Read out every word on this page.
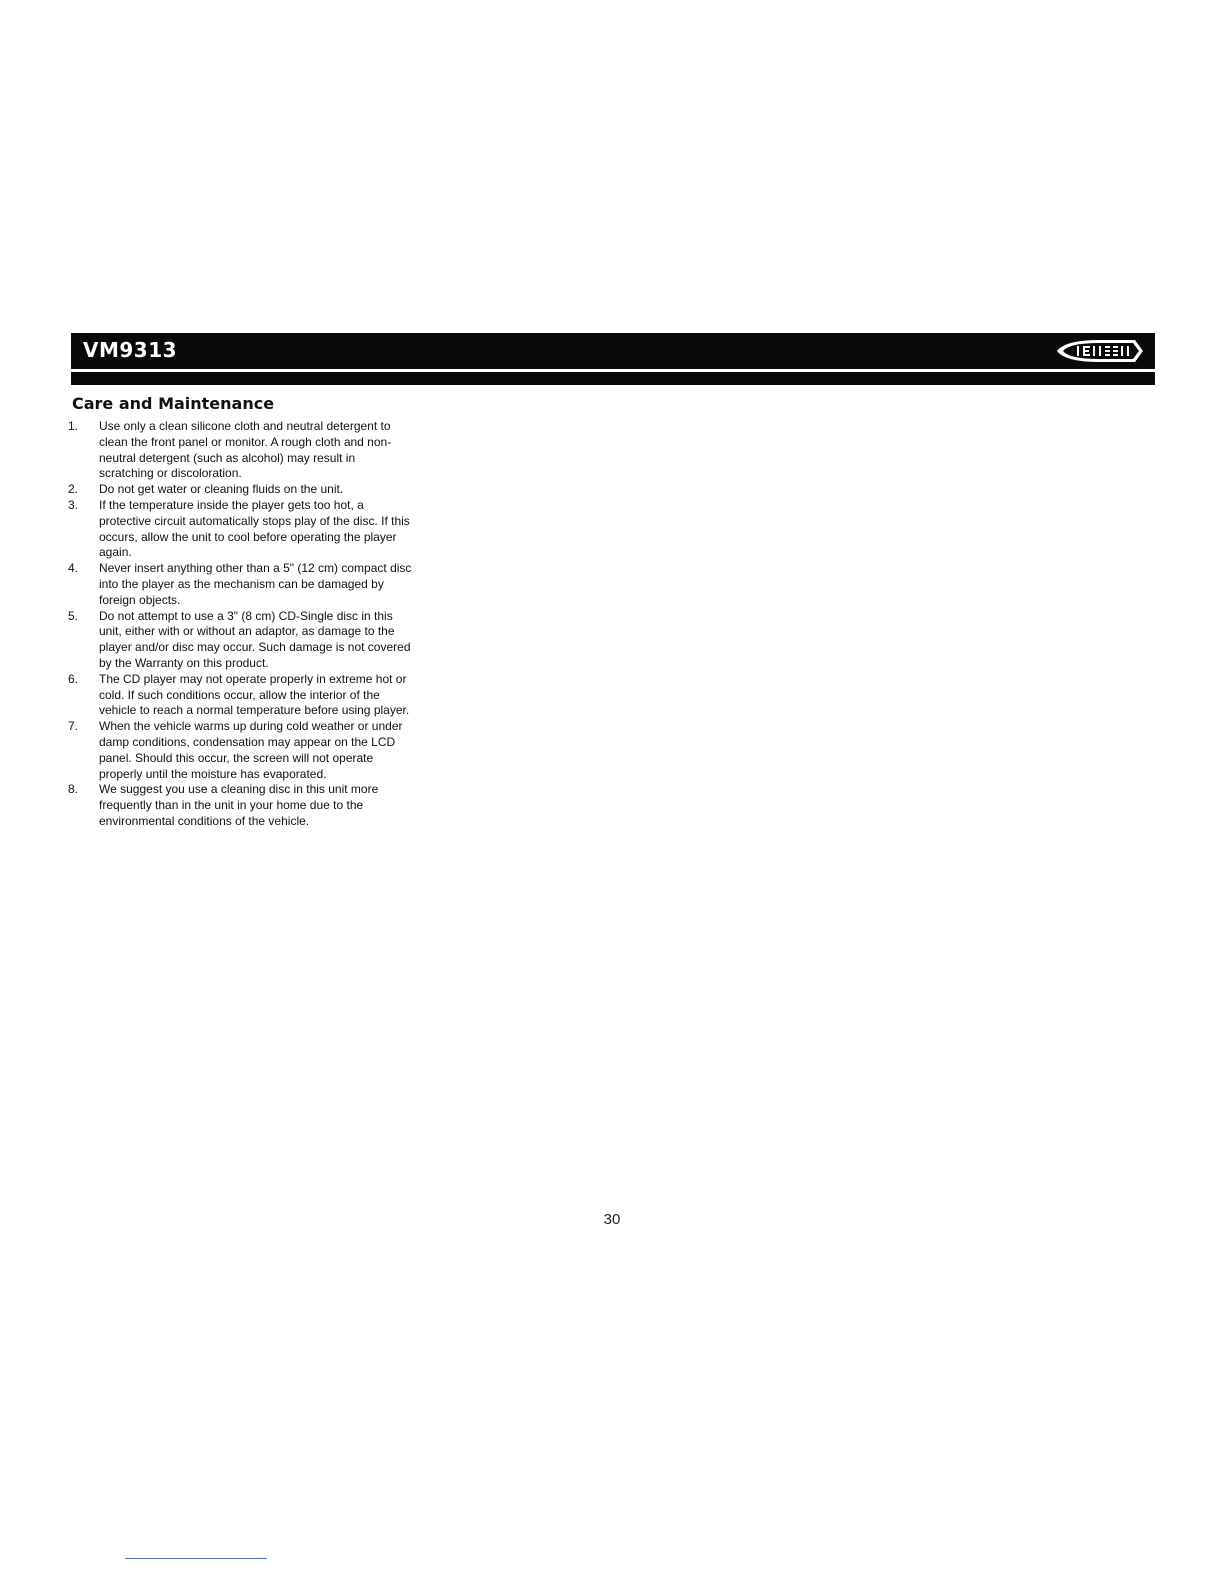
VM9313
Care and Maintenance
1.	Use only a clean silicone cloth and neutral detergent to clean the front panel or monitor. A rough cloth and non-neutral detergent (such as alcohol) may result in scratching or discoloration.
2.	Do not get water or cleaning fluids on the unit.
3.	If the temperature inside the player gets too hot, a protective circuit automatically stops play of the disc. If this occurs, allow the unit to cool before operating the player again.
4.	Never insert anything other than a 5" (12 cm) compact disc into the player as the mechanism can be damaged by foreign objects.
5.	Do not attempt to use a 3" (8 cm) CD-Single disc in this unit, either with or without an adaptor, as damage to the player and/or disc may occur. Such damage is not covered by the Warranty on this product.
6.	The CD player may not operate properly in extreme hot or cold. If such conditions occur, allow the interior of the vehicle to reach a normal temperature before using player.
7.	When the vehicle warms up during cold weather or under damp conditions, condensation may appear on the LCD panel. Should this occur, the screen will not operate properly until the moisture has evaporated.
8.	We suggest you use a cleaning disc in this unit more frequently than in the unit in your home due to the environmental conditions of the vehicle.
30
